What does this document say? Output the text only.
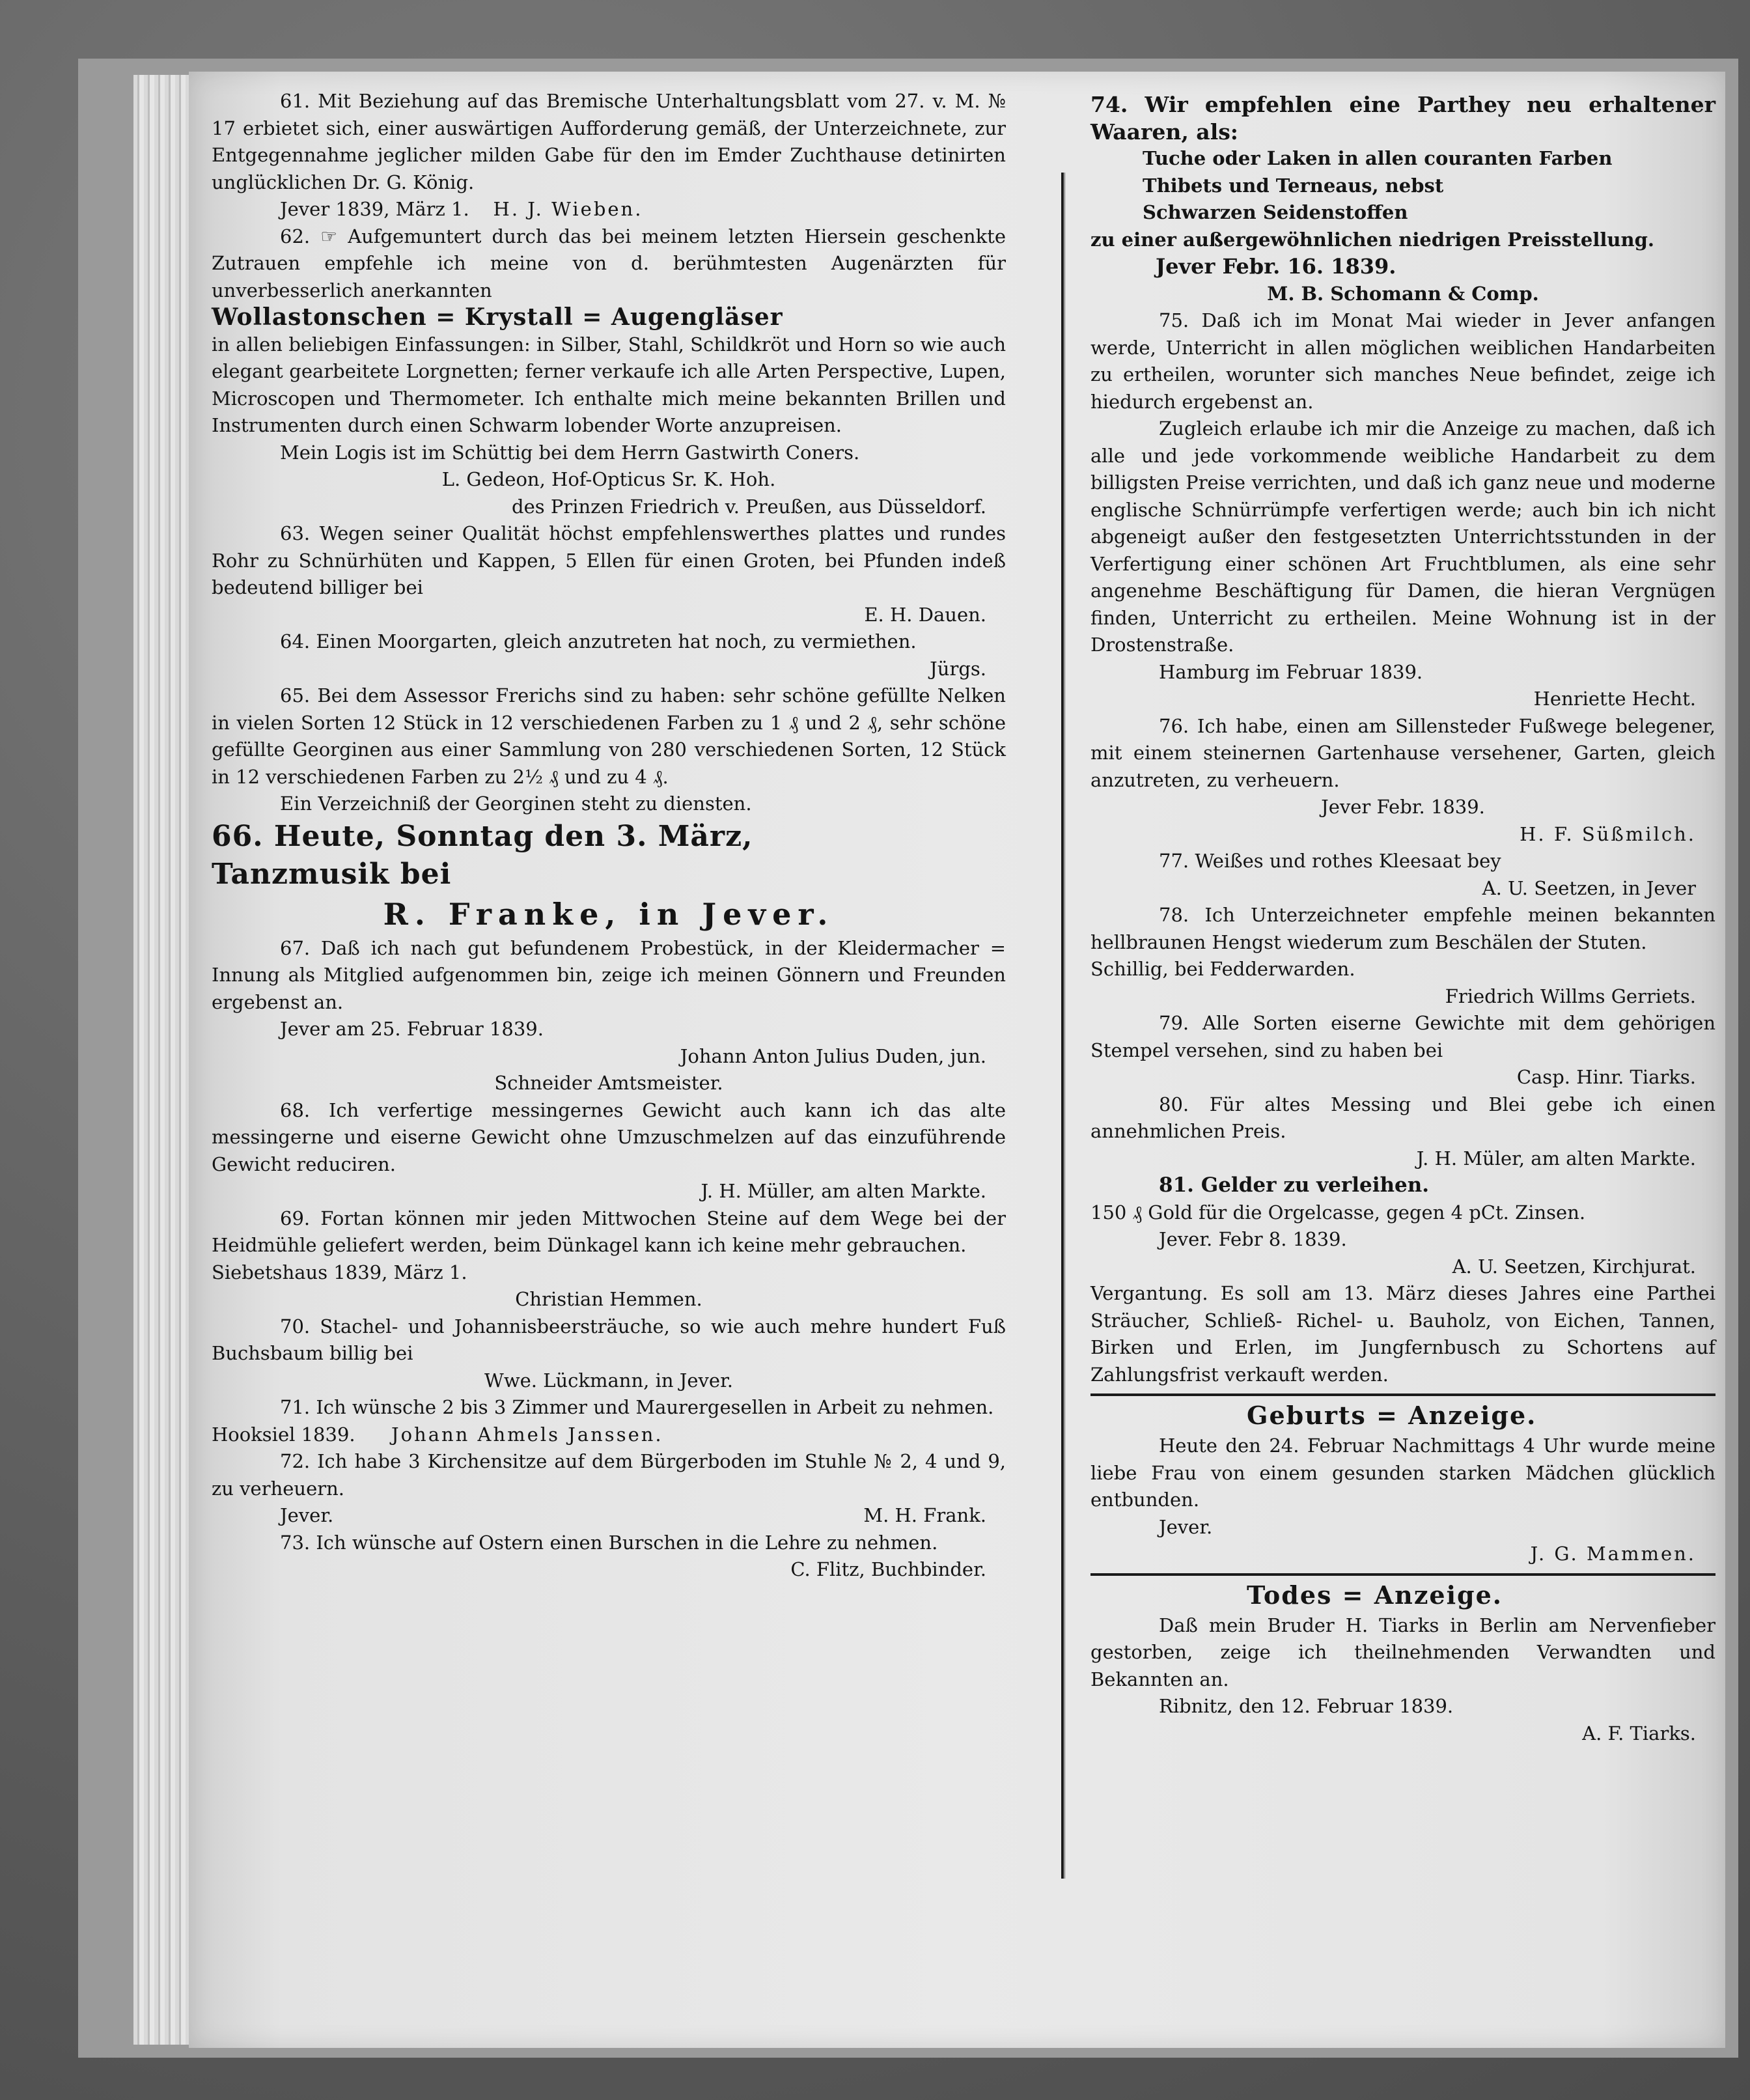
61. Mit Beziehung auf das Bremische Unterhaltungsblatt vom 27. v. M. № 17 erbietet sich, einer auswärtigen Aufforderung gemäß, der Unterzeichnete, zur Entgegennahme jeglicher milden Gabe für den im Emder Zuchthause detinirten unglücklichen Dr. G. König.

Jever 1839, März 1. H. J. Wieben.

62. ☞ Aufgemuntert durch das bei meinem letzten Hiersein geschenkte Zutrauen empfehle ich meine von d. berühmtesten Augenärzten für unverbesserlich anerkannten

Wollastonschen = Krystall = Augengläser

in allen beliebigen Einfassungen: in Silber, Stahl, Schildkröt und Horn so wie auch elegant gearbeitete Lorgnetten; ferner verkaufe ich alle Arten Perspective, Lupen, Microscopen und Thermometer. Ich enthalte mich meine bekannten Brillen und Instrumenten durch einen Schwarm lobender Worte anzupreisen.

Mein Logis ist im Schüttig bei dem Herrn Gastwirth Coners.

L. Gedeon, Hof-Opticus Sr. K. Hoh.

des Prinzen Friedrich v. Preußen, aus Düsseldorf.

63. Wegen seiner Qualität höchst empfehlenswerthes plattes und rundes Rohr zu Schnürhüten und Kappen, 5 Ellen für einen Groten, bei Pfunden indeß bedeutend billiger bei

E. H. Dauen.

64. Einen Moorgarten, gleich anzutreten hat noch, zu vermiethen.

Jürgs.

65. Bei dem Assessor Frerichs sind zu haben: sehr schöne gefüllte Nelken in vielen Sorten 12 Stück in 12 verschiedenen Farben zu 1 ₰ und 2 ₰, sehr schöne gefüllte Georginen aus einer Sammlung von 280 verschiedenen Sorten, 12 Stück in 12 verschiedenen Farben zu 2½ ₰ und zu 4 ₰.

Ein Verzeichniß der Georginen steht zu diensten.

66. Heute, Sonntag den 3. März,

Tanzmusik bei

R. Franke, in Jever.

67. Daß ich nach gut befundenem Probestück, in der Kleidermacher = Innung als Mitglied aufgenommen bin, zeige ich meinen Gönnern und Freunden ergebenst an.

Jever am 25. Februar 1839.

Johann Anton Julius Duden, jun.

Schneider Amtsmeister.

68. Ich verfertige messingernes Gewicht auch kann ich das alte messingerne und eiserne Gewicht ohne Umzuschmelzen auf das einzuführende Gewicht reduciren.

J. H. Müller, am alten Markte.

69. Fortan können mir jeden Mittwochen Steine auf dem Wege bei der Heidmühle geliefert werden, beim Dünkagel kann ich keine mehr gebrauchen.

Siebetshaus 1839, März 1.

Christian Hemmen.

70. Stachel- und Johannisbeersträuche, so wie auch mehre hundert Fuß Buchsbaum billig bei

Wwe. Lückmann, in Jever.

71. Ich wünsche 2 bis 3 Zimmer und Maurergesellen in Arbeit zu nehmen.

Hooksiel 1839. Johann Ahmels Janssen.

72. Ich habe 3 Kirchensitze auf dem Bürgerboden im Stuhle № 2, 4 und 9, zu verheuern.

Jever.	M. H. Frank.

73. Ich wünsche auf Ostern einen Burschen in die Lehre zu nehmen.

C. Flitz, Buchbinder.

74. Wir empfehlen eine Parthey neu erhaltener Waaren, als:

Tuche oder Laken in allen couranten Farben

Thibets und Terneaus, nebst

Schwarzen Seidenstoffen

zu einer außergewöhnlichen niedrigen Preisstellung.

Jever Febr. 16. 1839.

M. B. Schomann & Comp.

75. Daß ich im Monat Mai wieder in Jever anfangen werde, Unterricht in allen möglichen weiblichen Handarbeiten zu ertheilen, worunter sich manches Neue befindet, zeige ich hiedurch ergebenst an.

Zugleich erlaube ich mir die Anzeige zu machen, daß ich alle und jede vorkommende weibliche Handarbeit zu dem billigsten Preise verrichten, und daß ich ganz neue und moderne englische Schnürrümpfe verfertigen werde; auch bin ich nicht abgeneigt außer den festgesetzten Unterrichtsstunden in der Verfertigung einer schönen Art Fruchtblumen, als eine sehr angenehme Beschäftigung für Damen, die hieran Vergnügen finden, Unterricht zu ertheilen. Meine Wohnung ist in der Drostenstraße.

Hamburg im Februar 1839.

Henriette Hecht.

76. Ich habe, einen am Sillensteder Fußwege belegener, mit einem steinernen Gartenhause versehener, Garten, gleich anzutreten, zu verheuern.

Jever Febr. 1839.

H. F. Süßmilch.

77. Weißes und rothes Kleesaat bey

A. U. Seetzen, in Jever

78. Ich Unterzeichneter empfehle meinen bekannten hellbraunen Hengst wiederum zum Beschälen der Stuten.

Schillig, bei Fedderwarden.

Friedrich Willms Gerriets.

79. Alle Sorten eiserne Gewichte mit dem gehörigen Stempel versehen, sind zu haben bei

Casp. Hinr. Tiarks.

80. Für altes Messing und Blei gebe ich einen annehmlichen Preis.

J. H. Müler, am alten Markte.

81. Gelder zu verleihen.

150 ₰ Gold für die Orgelcasse, gegen 4 pCt. Zinsen.

Jever. Febr 8. 1839.

A. U. Seetzen, Kirchjurat.

Vergantung. Es soll am 13. März dieses Jahres eine Parthei Sträucher, Schließ- Richel- u. Bauholz, von Eichen, Tannen, Birken und Erlen, im Jungfernbusch zu Schortens auf Zahlungsfrist verkauft werden.

Geburts = Anzeige.

Heute den 24. Februar Nachmittags 4 Uhr wurde meine liebe Frau von einem gesunden starken Mädchen glücklich entbunden.

Jever.

J. G. Mammen.

Todes = Anzeige.

Daß mein Bruder H. Tiarks in Berlin am Nervenfieber gestorben, zeige ich theilnehmenden Verwandten und Bekannten an.

Ribnitz, den 12. Februar 1839.

A. F. Tiarks.
